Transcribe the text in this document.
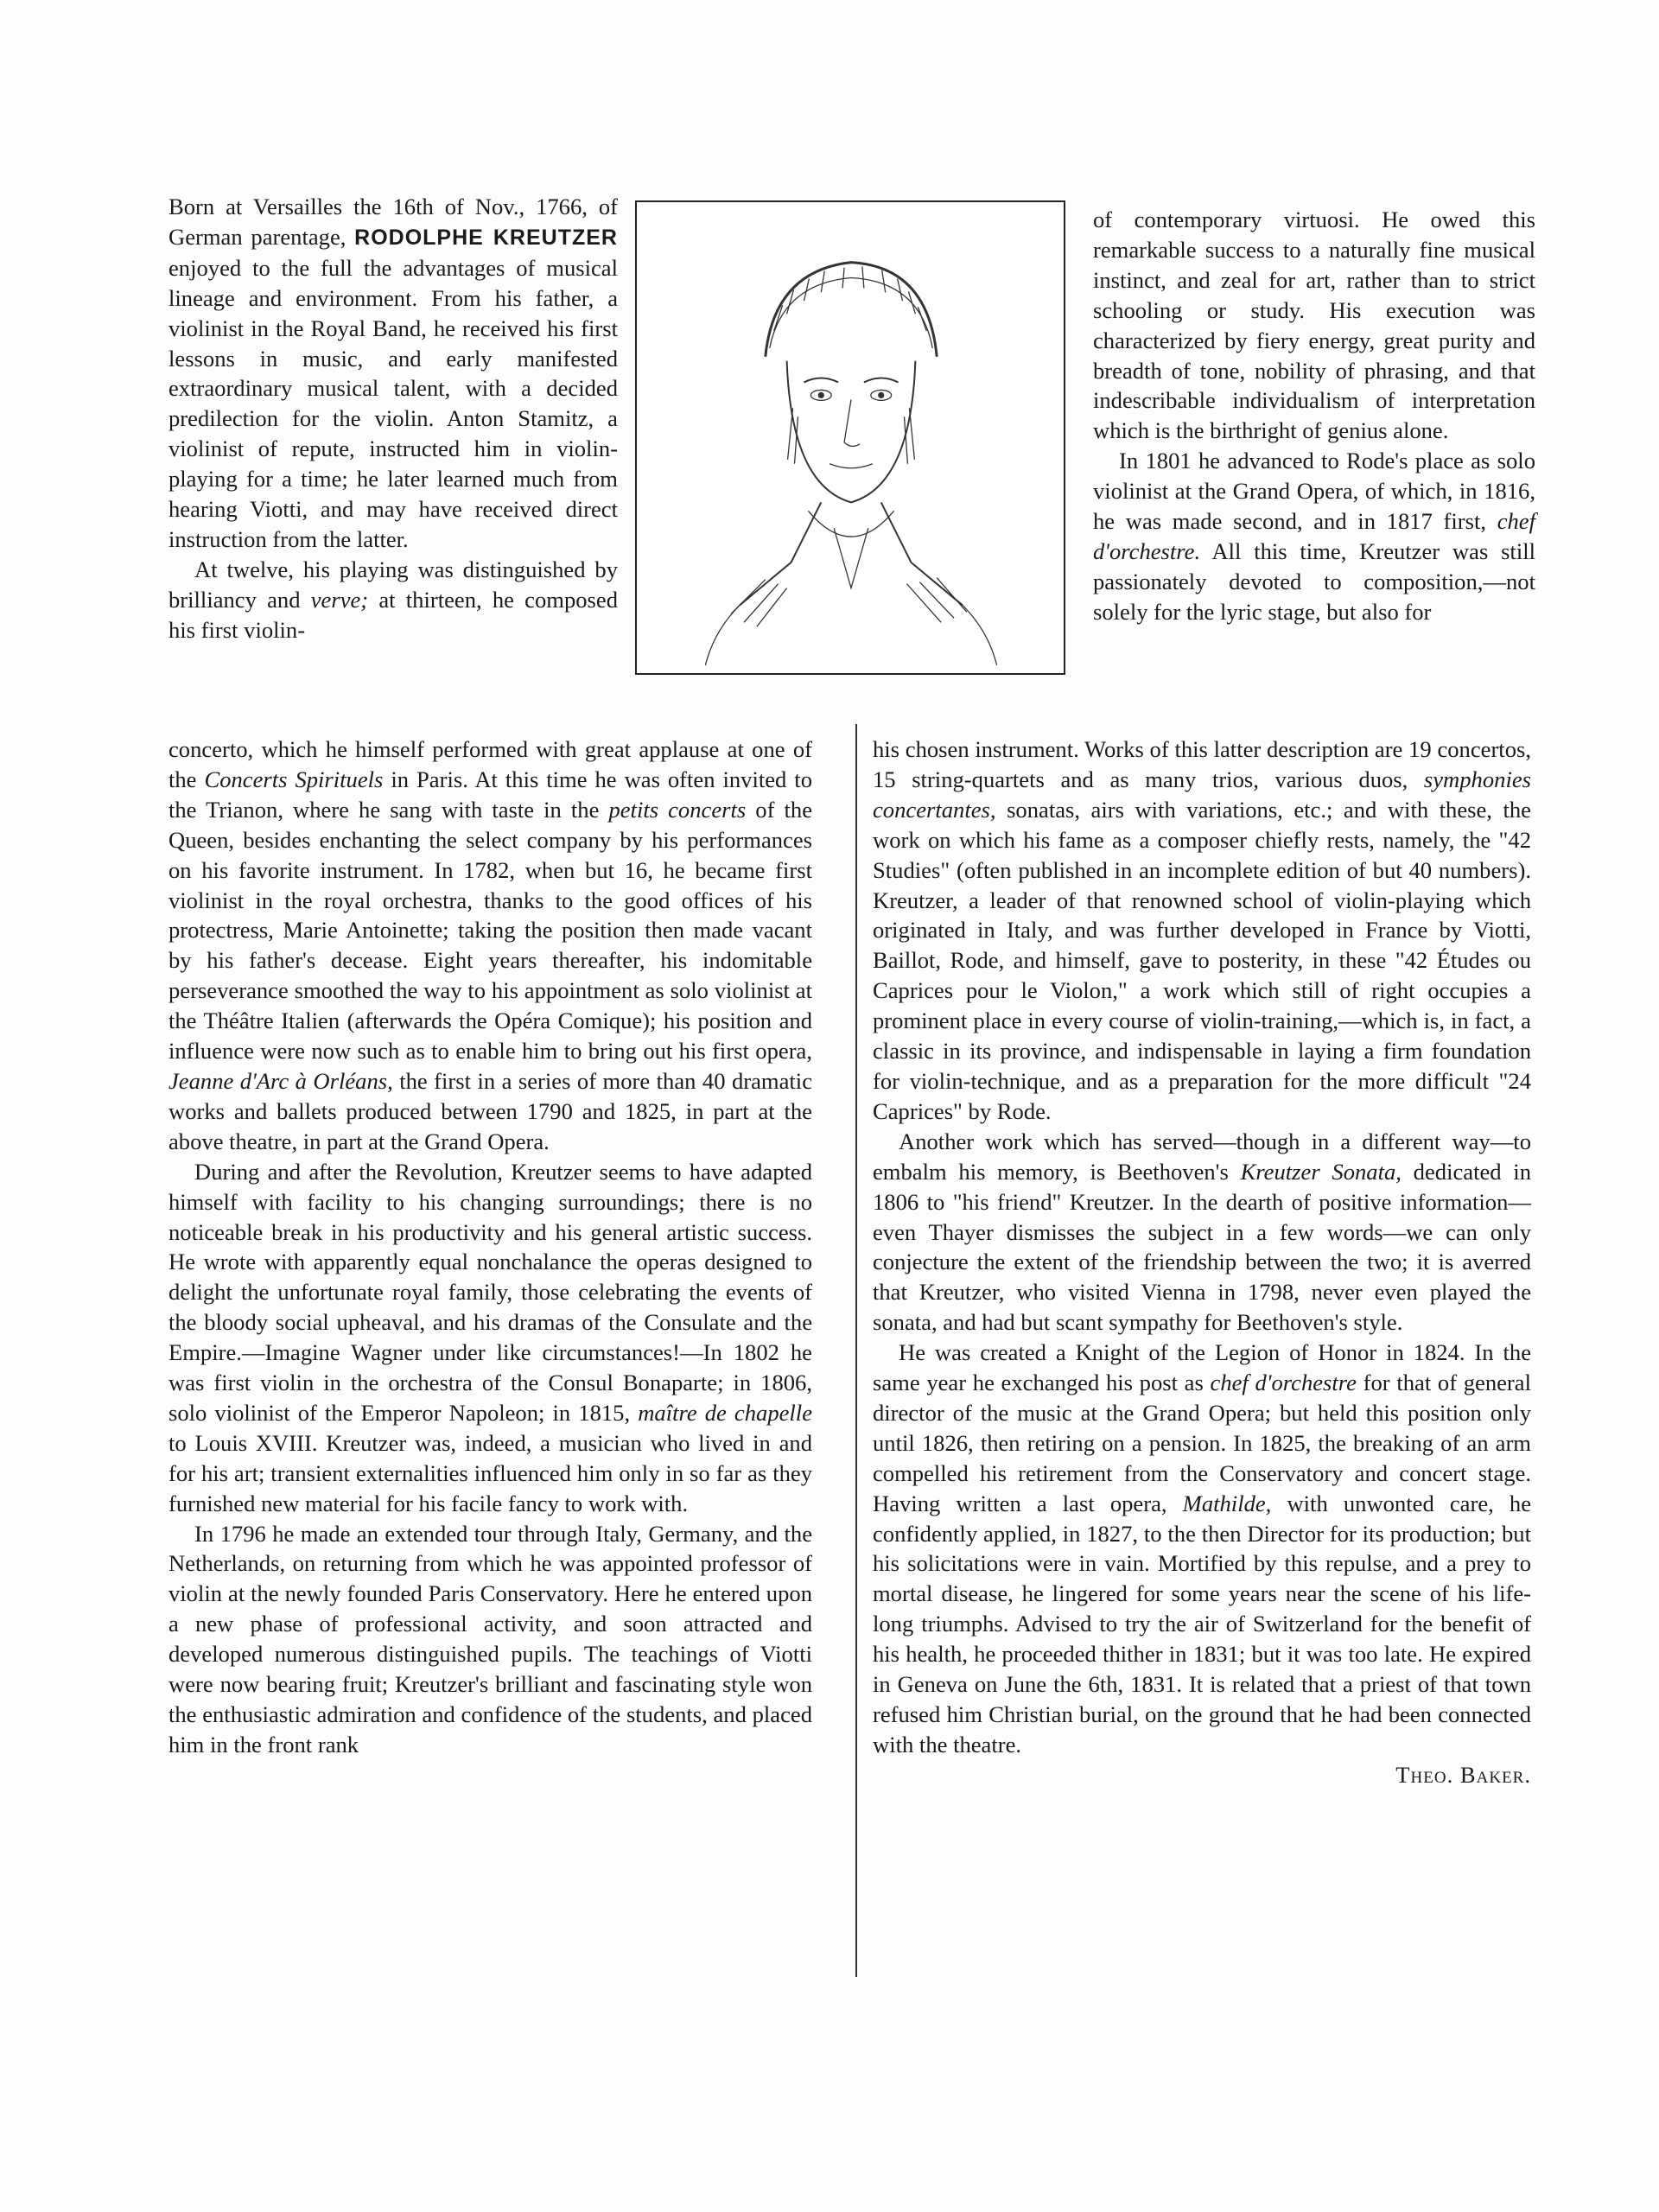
Born at Versailles the 16th of Nov., 1766, of German parentage, RODOLPHE KREUTZER enjoyed to the full the advantages of musical lineage and environment. From his father, a violinist in the Royal Band, he received his first lessons in music, and early manifested extraordinary musical talent, with a decided predilection for the violin. Anton Stamitz, a violinist of repute, instructed him in violin-playing for a time; he later learned much from hearing Viotti, and may have received direct instruction from the latter.

At twelve, his playing was distinguished by brilliancy and verve; at thirteen, he composed his first violin-

of contemporary virtuosi. He owed this remarkable success to a naturally fine musical instinct, and zeal for art, rather than to strict schooling or study. His execution was characterized by fiery energy, great purity and breadth of tone, nobility of phrasing, and that indescribable individualism of interpretation which is the birthright of genius alone.

In 1801 he advanced to Rode's place as solo violinist at the Grand Opera, of which, in 1816, he was made second, and in 1817 first, chef d'orchestre. All this time, Kreutzer was still passionately devoted to composition,—not solely for the lyric stage, but also for

concerto, which he himself performed with great applause at one of the Concerts Spirituels in Paris. At this time he was often invited to the Trianon, where he sang with taste in the petits concerts of the Queen, besides enchanting the select company by his performances on his favorite instrument. In 1782, when but 16, he became first violinist in the royal orchestra, thanks to the good offices of his protectress, Marie Antoinette; taking the position then made vacant by his father's decease. Eight years thereafter, his indomitable perseverance smoothed the way to his appointment as solo violinist at the Théâtre Italien (afterwards the Opéra Comique); his position and influence were now such as to enable him to bring out his first opera, Jeanne d'Arc à Orléans, the first in a series of more than 40 dramatic works and ballets produced between 1790 and 1825, in part at the above theatre, in part at the Grand Opera.

During and after the Revolution, Kreutzer seems to have adapted himself with facility to his changing surroundings; there is no noticeable break in his productivity and his general artistic success. He wrote with apparently equal nonchalance the operas designed to delight the unfortunate royal family, those celebrating the events of the bloody social upheaval, and his dramas of the Consulate and the Empire.—Imagine Wagner under like circumstances!—In 1802 he was first violin in the orchestra of the Consul Bonaparte; in 1806, solo violinist of the Emperor Napoleon; in 1815, maître de chapelle to Louis XVIII. Kreutzer was, indeed, a musician who lived in and for his art; transient externalities influenced him only in so far as they furnished new material for his facile fancy to work with.

In 1796 he made an extended tour through Italy, Germany, and the Netherlands, on returning from which he was appointed professor of violin at the newly founded Paris Conservatory. Here he entered upon a new phase of professional activity, and soon attracted and developed numerous distinguished pupils. The teachings of Viotti were now bearing fruit; Kreutzer's brilliant and fascinating style won the enthusiastic admiration and confidence of the students, and placed him in the front rank

his chosen instrument. Works of this latter description are 19 concertos, 15 string-quartets and as many trios, various duos, symphonies concertantes, sonatas, airs with variations, etc.; and with these, the work on which his fame as a composer chiefly rests, namely, the "42 Studies" (often published in an incomplete edition of but 40 numbers). Kreutzer, a leader of that renowned school of violin-playing which originated in Italy, and was further developed in France by Viotti, Baillot, Rode, and himself, gave to posterity, in these "42 Études ou Caprices pour le Violon," a work which still of right occupies a prominent place in every course of violin-training,—which is, in fact, a classic in its province, and indispensable in laying a firm foundation for violin-technique, and as a preparation for the more difficult "24 Caprices" by Rode.

Another work which has served—though in a different way—to embalm his memory, is Beethoven's Kreutzer Sonata, dedicated in 1806 to "his friend" Kreutzer. In the dearth of positive information—even Thayer dismisses the subject in a few words—we can only conjecture the extent of the friendship between the two; it is averred that Kreutzer, who visited Vienna in 1798, never even played the sonata, and had but scant sympathy for Beethoven's style.

He was created a Knight of the Legion of Honor in 1824. In the same year he exchanged his post as chef d'orchestre for that of general director of the music at the Grand Opera; but held this position only until 1826, then retiring on a pension. In 1825, the breaking of an arm compelled his retirement from the Conservatory and concert stage. Having written a last opera, Mathilde, with unwonted care, he confidently applied, in 1827, to the then Director for its production; but his solicitations were in vain. Mortified by this repulse, and a prey to mortal disease, he lingered for some years near the scene of his life-long triumphs. Advised to try the air of Switzerland for the benefit of his health, he proceeded thither in 1831; but it was too late. He expired in Geneva on June the 6th, 1831. It is related that a priest of that town refused him Christian burial, on the ground that he had been connected with the theatre.

Theo. Baker.
